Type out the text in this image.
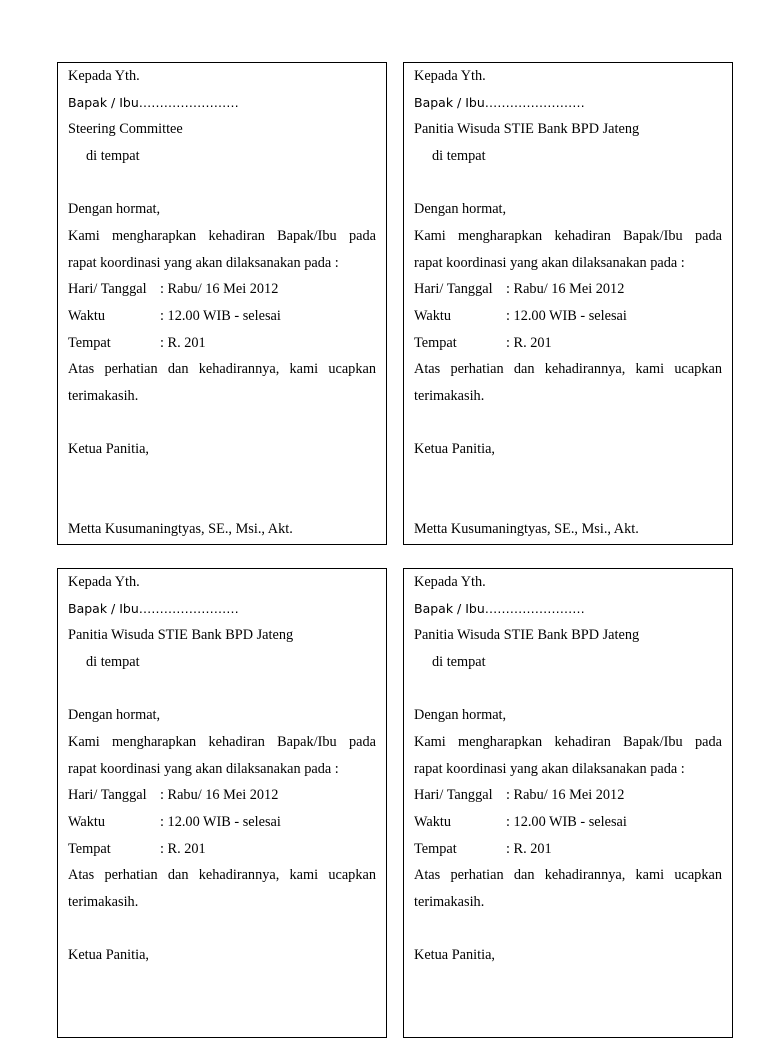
Kepada Yth.
Bapak / Ibu……………………
Steering Committee
di tempat
Dengan hormat,
Kami mengharapkan kehadiran Bapak/Ibu pada
rapat koordinasi yang akan dilaksanakan pada :
Hari/ Tanggal : Rabu/ 16 Mei 2012
Waktu	: 12.00 WIB - selesai
Tempat	: R. 201
Atas perhatian dan kehadirannya, kami ucapkan
terimakasih.
Ketua Panitia,
Metta Kusumaningtyas, SE., Msi., Akt.
Kepada Yth.
Bapak / Ibu……………………
Panitia Wisuda STIE Bank BPD Jateng
di tempat
Dengan hormat,
Kami mengharapkan kehadiran Bapak/Ibu pada
rapat koordinasi yang akan dilaksanakan pada :
Hari/ Tanggal : Rabu/ 16 Mei 2012
Waktu	: 12.00 WIB - selesai
Tempat	: R. 201
Atas perhatian dan kehadirannya, kami ucapkan
terimakasih.
Ketua Panitia,
Metta Kusumaningtyas, SE., Msi., Akt.
Kepada Yth.
Bapak / Ibu……………………
Panitia Wisuda STIE Bank BPD Jateng
di tempat
Dengan hormat,
Kami mengharapkan kehadiran Bapak/Ibu pada
rapat koordinasi yang akan dilaksanakan pada :
Hari/ Tanggal : Rabu/ 16 Mei 2012
Waktu	: 12.00 WIB - selesai
Tempat	: R. 201
Atas perhatian dan kehadirannya, kami ucapkan
terimakasih.
Ketua Panitia,
Kepada Yth.
Bapak / Ibu……………………
Panitia Wisuda STIE Bank BPD Jateng
di tempat
Dengan hormat,
Kami mengharapkan kehadiran Bapak/Ibu pada
rapat koordinasi yang akan dilaksanakan pada :
Hari/ Tanggal : Rabu/ 16 Mei 2012
Waktu	: 12.00 WIB - selesai
Tempat	: R. 201
Atas perhatian dan kehadirannya, kami ucapkan
terimakasih.
Ketua Panitia,
